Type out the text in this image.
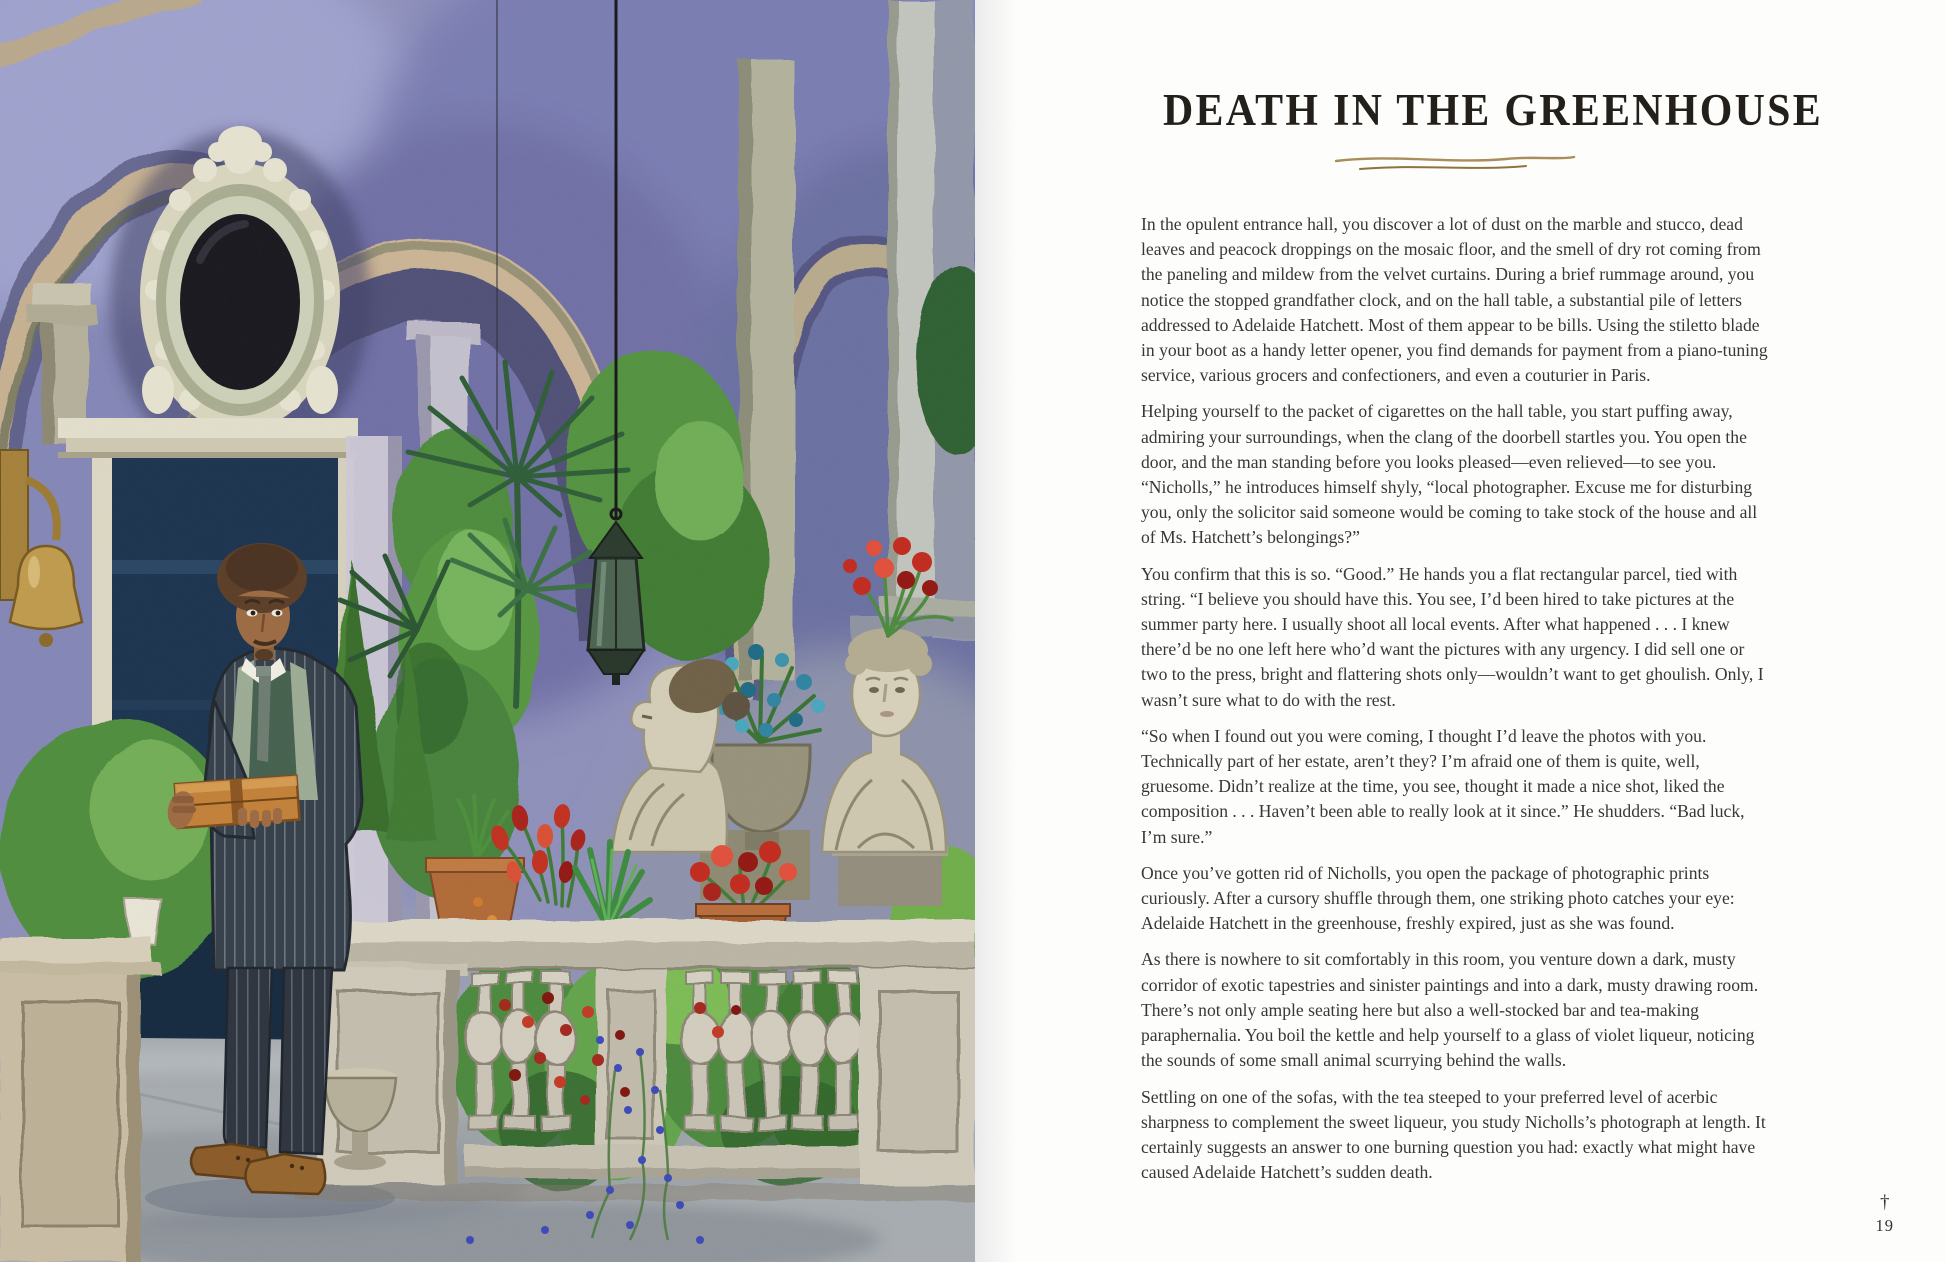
DEATH IN THE GREENHOUSE

In the opulent entrance hall, you discover a lot of dust on the marble and stucco, dead leaves and peacock droppings on the mosaic floor, and the smell of dry rot coming from the paneling and mildew from the velvet curtains. During a brief rummage around, you notice the stopped grandfather clock, and on the hall table, a substantial pile of letters addressed to Adelaide Hatchett. Most of them appear to be bills. Using the stiletto blade in your boot as a handy letter opener, you find demands for payment from a piano-tuning service, various grocers and confectioners, and even a couturier in Paris.

Helping yourself to the packet of cigarettes on the hall table, you start puffing away, admiring your surroundings, when the clang of the doorbell startles you. You open the door, and the man standing before you looks pleased—even relieved—to see you. “Nicholls,” he introduces himself shyly, “local photographer. Excuse me for disturbing you, only the solicitor said someone would be coming to take stock of the house and all of Ms. Hatchett’s belongings?”

You confirm that this is so. “Good.” He hands you a flat rectangular parcel, tied with string. “I believe you should have this. You see, I’d been hired to take pictures at the summer party here. I usually shoot all local events. After what happened . . . I knew there’d be no one left here who’d want the pictures with any urgency. I did sell one or two to the press, bright and flattering shots only—wouldn’t want to get ghoulish. Only, I wasn’t sure what to do with the rest.

“So when I found out you were coming, I thought I’d leave the photos with you. Technically part of her estate, aren’t they? I’m afraid one of them is quite, well, gruesome. Didn’t realize at the time, you see, thought it made a nice shot, liked the composition . . . Haven’t been able to really look at it since.” He shudders. “Bad luck, I’m sure.”

Once you’ve gotten rid of Nicholls, you open the package of photographic prints curiously. After a cursory shuffle through them, one striking photo catches your eye: Adelaide Hatchett in the greenhouse, freshly expired, just as she was found.

As there is nowhere to sit comfortably in this room, you venture down a dark, musty corridor of exotic tapestries and sinister paintings and into a dark, musty drawing room. There’s not only ample seating here but also a well-stocked bar and tea-making paraphernalia. You boil the kettle and help yourself to a glass of violet liqueur, noticing the sounds of some small animal scurrying behind the walls.

Settling on one of the sofas, with the tea steeped to your preferred level of acerbic sharpness to complement the sweet liqueur, you study Nicholls’s photograph at length. It certainly suggests an answer to one burning question you had: exactly what might have caused Adelaide Hatchett’s sudden death.

†
19
